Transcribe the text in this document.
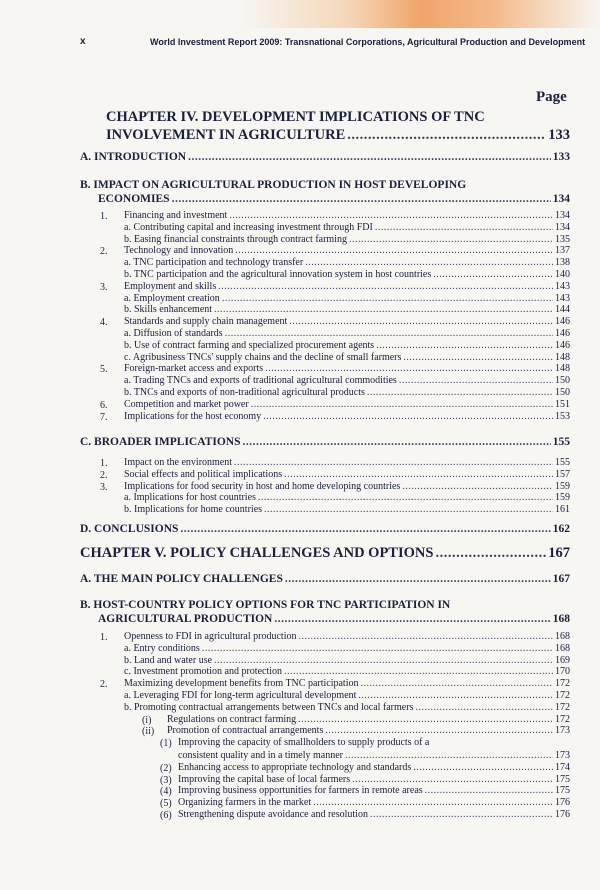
x	World Investment Report 2009: Transnational Corporations, Agricultural Production and Development
Page
CHAPTER IV. DEVELOPMENT IMPLICATIONS OF TNC
INVOLVEMENT IN AGRICULTURE .....	133
A. INTRODUCTION .....	133
B. IMPACT ON AGRICULTURAL PRODUCTION IN HOST DEVELOPING
ECONOMIES .....	134
1. Financing and investment .....	134
a. Contributing capital and increasing investment through FDI .....	134
b. Easing financial constraints through contract farming .....	135
2. Technology and innovation .....	137
a. TNC participation and technology transfer .....	138
b. TNC participation and the agricultural innovation system in host countries .....	140
3. Employment and skills .....	143
a. Employment creation .....	143
b. Skills enhancement .....	144
4. Standards and supply chain management .....	146
a. Diffusion of standards .....	146
b. Use of contract farming and specialized procurement agents .....	146
c. Agribusiness TNCs' supply chains and the decline of small farmers .....	148
5. Foreign-market access and exports .....	148
a. Trading TNCs and exports of traditional agricultural commodities .....	150
b. TNCs and exports of non-traditional agricultural products .....	150
6. Competition and market power .....	151
7. Implications for the host economy .....	153
C. BROADER IMPLICATIONS .....	155
1. Impact on the environment .....	155
2. Social effects and political implications .....	157
3. Implications for food security in host and home developing countries .....	159
a. Implications for host countries .....	159
b. Implications for home countries .....	161
D. CONCLUSIONS .....	162
CHAPTER V. POLICY CHALLENGES AND OPTIONS .....	167
A. THE MAIN POLICY CHALLENGES .....	167
B. HOST-COUNTRY POLICY OPTIONS FOR TNC PARTICIPATION IN
AGRICULTURAL PRODUCTION .....	168
1. Openness to FDI in agricultural production .....	168
a. Entry conditions .....	168
b. Land and water use .....	169
c. Investment promotion and protection .....	170
2. Maximizing development benefits from TNC participation .....	172
a. Leveraging FDI for long-term agricultural development .....	172
b. Promoting contractual arrangements between TNCs and local farmers .....	172
(i) Regulations on contract farming .....	172
(ii) Promotion of contractual arrangements .....	173
(1) Improving the capacity of smallholders to supply products of a
consistent quality and in a timely manner .....	173
(2) Enhancing access to appropriate technology and standards .....	174
(3) Improving the capital base of local farmers .....	175
(4) Improving business opportunities for farmers in remote areas .....	175
(5) Organizing farmers in the market .....	176
(6) Strengthening dispute avoidance and resolution .....	176
